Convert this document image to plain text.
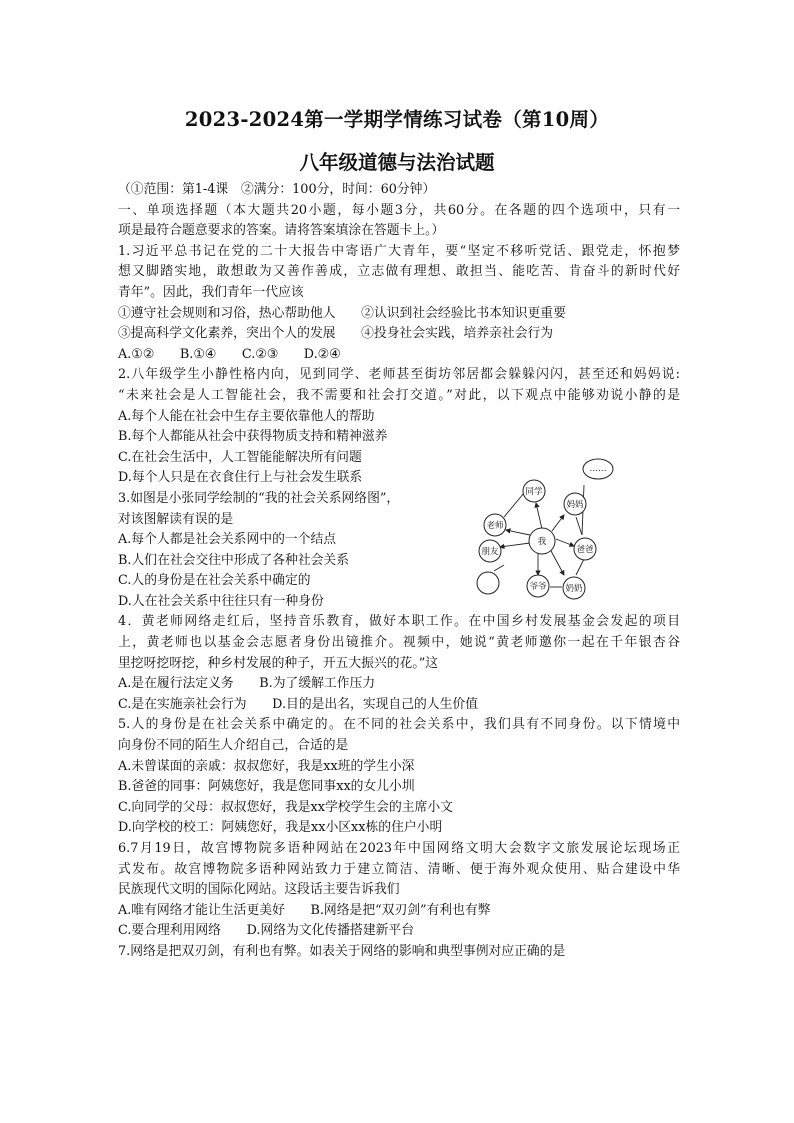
2023-2024第一学期学情练习试卷（第10周）
八年级道德与法治试题
（①范围：第1-4课　②满分：100分，时间：60分钟）
一、单项选择题（本大题共20小题，每小题3分，共60分。在各题的四个选项中，只有一
项是最符合题意要求的答案。请将答案填涂在答题卡上。）
1.习近平总书记在党的二十大报告中寄语广大青年，要“坚定不移听党话、跟党走，怀抱梦
想又脚踏实地，敢想敢为又善作善成，立志做有理想、敢担当、能吃苦、肯奋斗的新时代好
青年”。因此，我们青年一代应该
①遵守社会规则和习俗，热心帮助他人　　②认识到社会经验比书本知识更重要
③提高科学文化素养，突出个人的发展　　④投身社会实践，培养亲社会行为
A.①②　　B.①④　　C.②③　　D.②④
2.八年级学生小静性格内向，见到同学、老师甚至街坊邻居都会躲躲闪闪，甚至还和妈妈说:
“未来社会是人工智能社会，我不需要和社会打交道。”对此，以下观点中能够劝说小静的是
A.每个人能在社会中生存主要依靠他人的帮助
B.每个人都能从社会中获得物质支持和精神滋养
C.在社会生活中，人工智能能解决所有问题
D.每个人只是在衣食住行上与社会发生联系
3.如图是小张同学绘制的“我的社会关系网络图”，
对该图解读有误的是
A.每个人都是社会关系网中的一个结点
B.人们在社会交往中形成了各种社会关系
C.人的身份是在社会关系中确定的
D.人在社会关系中往往只有一种身份
4．黄老师网络走红后，坚持音乐教育，做好本职工作。在中国乡村发展基金会发起的项目
上，黄老师也以基金会志愿者身份出镜推介。视频中，她说“黄老师邀你一起在千年银杏谷
里挖呀挖呀挖，种乡村发展的种子，开五大振兴的花。”这
A.是在履行法定义务　　B.为了缓解工作压力
C.是在实施亲社会行为　　D.目的是出名，实现自己的人生价值
5.人的身份是在社会关系中确定的。在不同的社会关系中，我们具有不同身份。以下情境中
向身份不同的陌生人介绍自己，合适的是
A.未曾谋面的亲戚：叔叔您好，我是xx班的学生小深
B.爸爸的同事：阿姨您好，我是您同事xx的女儿小圳
C.向同学的父母：叔叔您好，我是xx学校学生会的主席小文
D.向学校的校工：阿姨您好，我是xx小区xx栋的住户小明
6.7月19日，故宫博物院多语种网站在2023年中国网络文明大会数字文旅发展论坛现场正
式发布。故宫博物院多语种网站致力于建立简洁、清晰、便于海外观众使用、贴合建设中华
民族现代文明的国际化网站。这段话主要告诉我们
A.唯有网络才能让生活更美好　　B.网络是把“双刃剑”有利也有弊
C.要合理利用网络　　D.网络为文化传播搭建新平台
7.网络是把双刃剑，有利也有弊。如表关于网络的影响和典型事例对应正确的是
我
同学
妈妈
老师
朋友	爸爸
爷爷 奶奶
……
